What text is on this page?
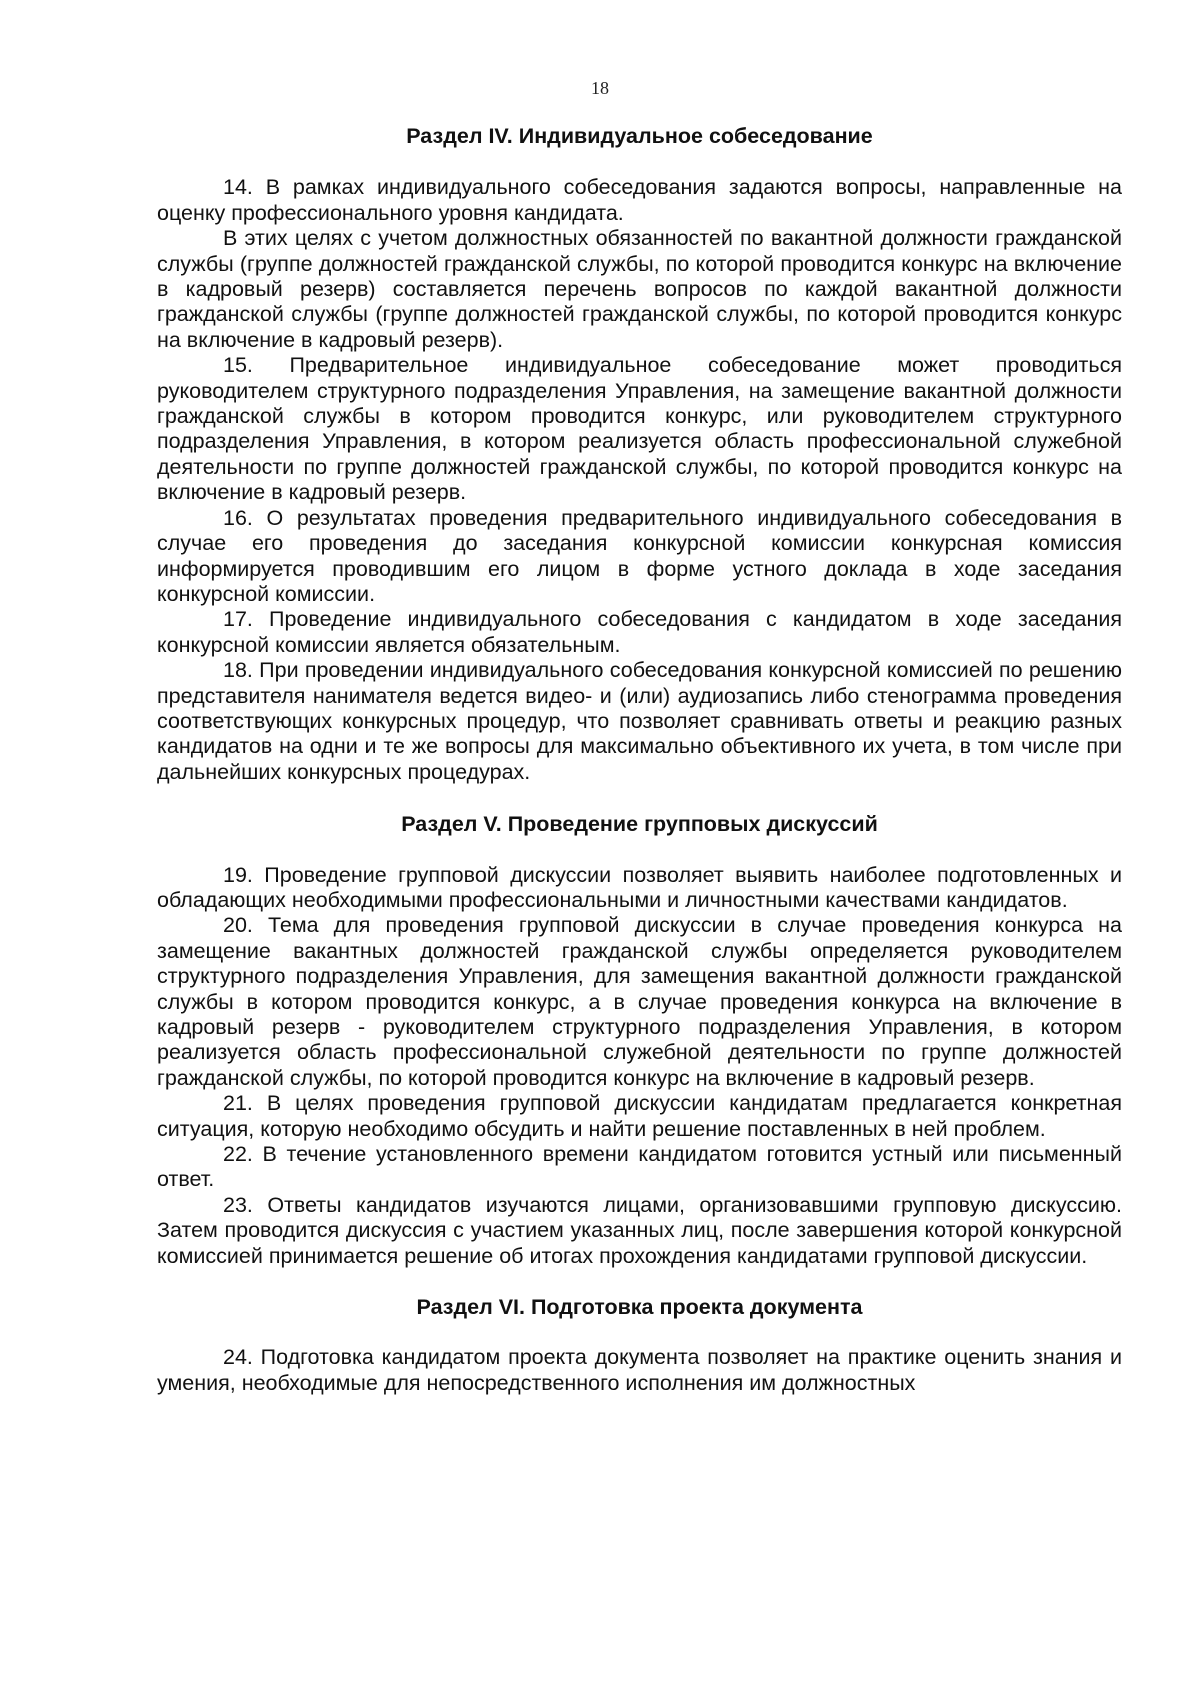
18
Раздел IV. Индивидуальное собеседование

14. В рамках индивидуального собеседования задаются вопросы, направленные на оценку профессионального уровня кандидата.

В этих целях с учетом должностных обязанностей по вакантной должности гражданской службы (группе должностей гражданской службы, по которой проводится конкурс на включение в кадровый резерв) составляется перечень вопросов по каждой вакантной должности гражданской службы (группе должностей гражданской службы, по которой проводится конкурс на включение в кадровый резерв).

15. Предварительное индивидуальное собеседование может проводиться руководителем структурного подразделения Управления, на замещение вакантной должности гражданской службы в котором проводится конкурс, или руководителем структурного подразделения Управления, в котором реализуется область профессиональной служебной деятельности по группе должностей гражданской службы, по которой проводится конкурс на включение в кадровый резерв.

16. О результатах проведения предварительного индивидуального собеседования в случае его проведения до заседания конкурсной комиссии конкурсная комиссия информируется проводившим его лицом в форме устного доклада в ходе заседания конкурсной комиссии.

17. Проведение индивидуального собеседования с кандидатом в ходе заседания конкурсной комиссии является обязательным.

18. При проведении индивидуального собеседования конкурсной комиссией по решению представителя нанимателя ведется видео- и (или) аудиозапись либо стенограмма проведения соответствующих конкурсных процедур, что позволяет сравнивать ответы и реакцию разных кандидатов на одни и те же вопросы для максимально объективного их учета, в том числе при дальнейших конкурсных процедурах.

Раздел V. Проведение групповых дискуссий

19. Проведение групповой дискуссии позволяет выявить наиболее подготовленных и обладающих необходимыми профессиональными и личностными качествами кандидатов.

20. Тема для проведения групповой дискуссии в случае проведения конкурса на замещение вакантных должностей гражданской службы определяется руководителем структурного подразделения Управления, для замещения вакантной должности гражданской службы в котором проводится конкурс, а в случае проведения конкурса на включение в кадровый резерв - руководителем структурного подразделения Управления, в котором реализуется область профессиональной служебной деятельности по группе должностей гражданской службы, по которой проводится конкурс на включение в кадровый резерв.

21. В целях проведения групповой дискуссии кандидатам предлагается конкретная ситуация, которую необходимо обсудить и найти решение поставленных в ней проблем.

22. В течение установленного времени кандидатом готовится устный или письменный ответ.

23. Ответы кандидатов изучаются лицами, организовавшими групповую дискуссию. Затем проводится дискуссия с участием указанных лиц, после завершения которой конкурсной комиссией принимается решение об итогах прохождения кандидатами групповой дискуссии.

Раздел VI. Подготовка проекта документа

24. Подготовка кандидатом проекта документа позволяет на практике оценить знания и умения, необходимые для непосредственного исполнения им должностных
